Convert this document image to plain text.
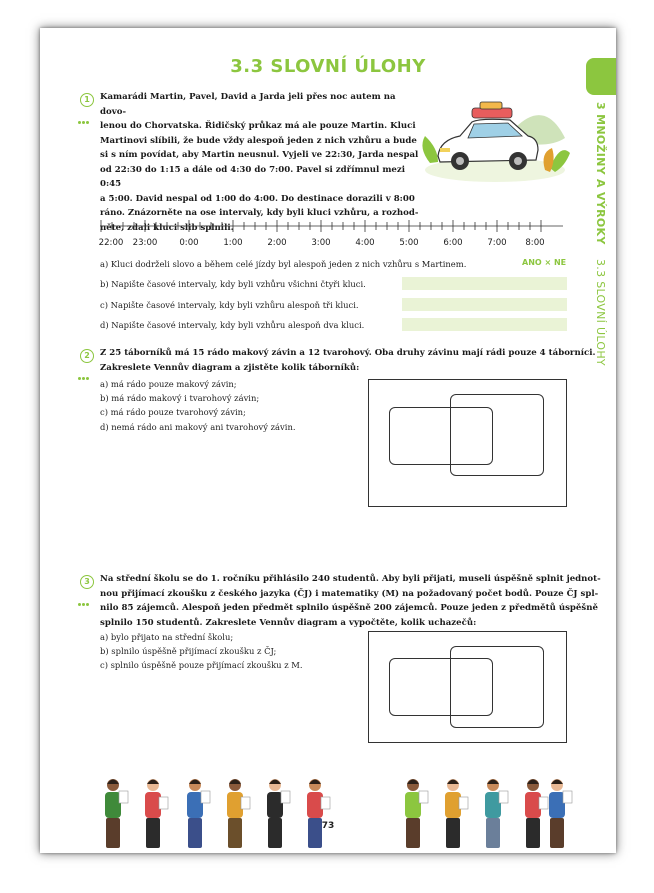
3.3 SLOVNÍ ÚLOHY
3 MNOŽINY A VÝROKY 3.3 SLOVNÍ ÚLOHY
1	Kamarádi Martin, Pavel, David a Jarda jeli přes noc autem na dovo-
lenou do Chorvatska. Řidičský průkaz má ale pouze Martin. Kluci
Martinovi slíbili, že bude vždy alespoň jeden z nich vzhůru a bude
si s ním povídat, aby Martin neusnul. Vyjeli ve 22:30, Jarda nespal
od 22:30 do 1:15 a dále od 4:30 do 7:00. Pavel si zdřímnul mezi 0:45
a 5:00. David nespal od 1:00 do 4:00. Do destinace dorazili v 8:00
ráno. Znázorněte na ose intervaly, kdy byli kluci vzhůru, a rozhod-
něte, zdali kluci slib splnili.
22:00 23:00	0:00	1:00	2:00	3:00	4:00	5:00	6:00	7:00 8:00
a) Kluci dodrželi slovo a během celé jízdy byl alespoň jeden z nich vzhůru s Martinem.	ANO × NE
b) Napište časové intervaly, kdy byli vzhůru všichni čtyři kluci.
c) Napište časové intervaly, kdy byli vzhůru alespoň tři kluci.
d) Napište časové intervaly, kdy byli vzhůru alespoň dva kluci.
2	Z 25 táborníků má 15 rádo makový závin a 12 tvarohový. Oba druhy závinu mají rádi pouze 4 táborníci.
Zakreslete Vennův diagram a zjistěte kolik táborníků:
a) má rádo pouze makový závin;
b) má rádo makový i tvarohový závin;
c) má rádo pouze tvarohový závin;
d) nemá rádo ani makový ani tvarohový závin.
3	Na střední školu se do 1. ročníku přihlásilo 240 studentů. Aby byli přijati, museli úspěšně splnit jednot-
nou přijímací zkoušku z českého jazyka (ČJ) i matematiky (M) na požadovaný počet bodů. Pouze ČJ spl-
nilo 85 zájemců. Alespoň jeden předmět splnilo úspěšně 200 zájemců. Pouze jeden z předmětů úspěšně
splnilo 150 studentů. Zakreslete Vennův diagram a vypočtěte, kolik uchazečů:
a) bylo přijato na střední školu;
b) splnilo úspěšně přijímací zkoušku z ČJ;
c) splnilo úspěšně pouze přijímací zkoušku z M.
73
